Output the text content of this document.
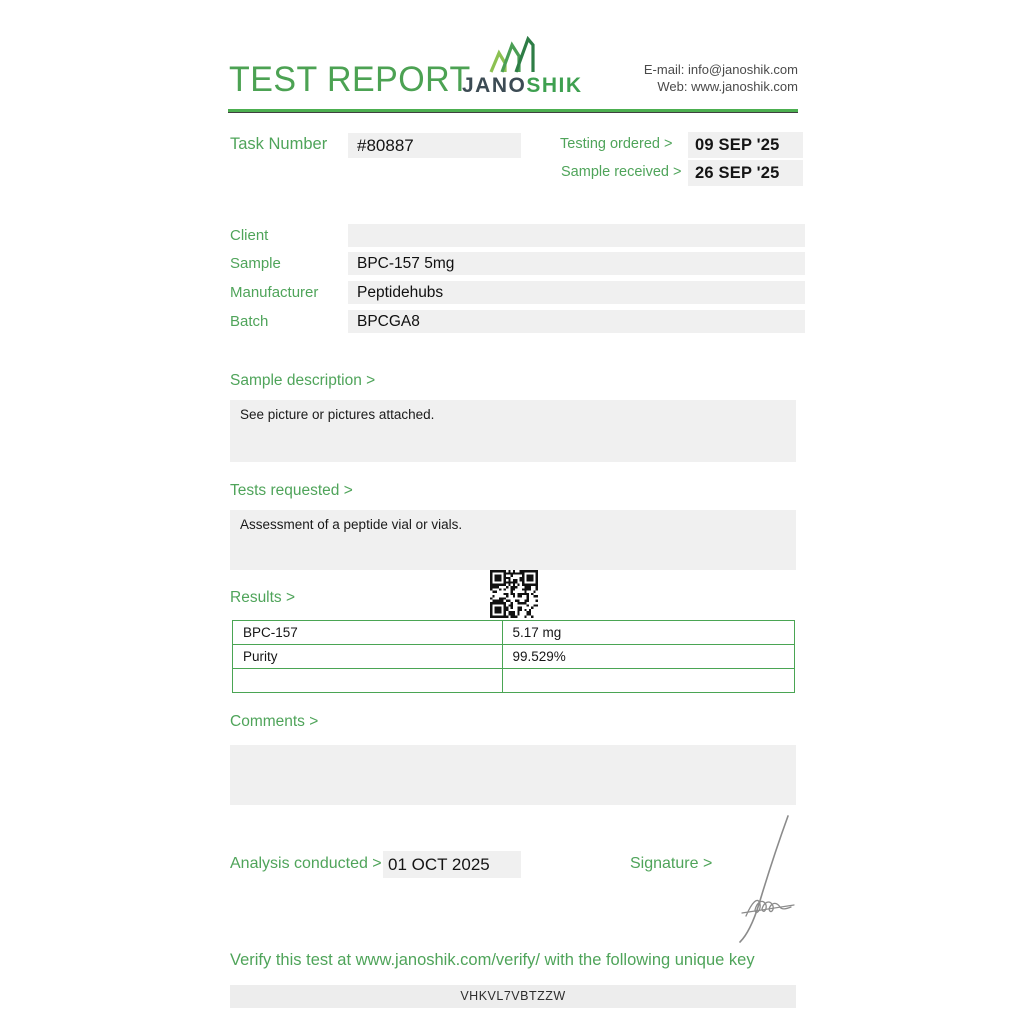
TEST REPORT
JANOSHIK
E-mail: info@janoshik.com
Web: www.janoshik.com
Task Number	#80887	Testing ordered >	09 SEP '25
Sample received > 26 SEP '25
Client
Sample	BPC-157 5mg
Manufacturer	Peptidehubs
Batch	BPCGA8
Sample description >
See picture or pictures attached.
Tests requested >
Assessment of a peptide vial or vials.
Results >
BPC-157	5.17 mg
Purity	99.529%

Comments >
Analysis conducted > 01 OCT 2025	Signature >
Verify this test at www.janoshik.com/verify/ with the following unique key
VHKVL7VBTZZW
